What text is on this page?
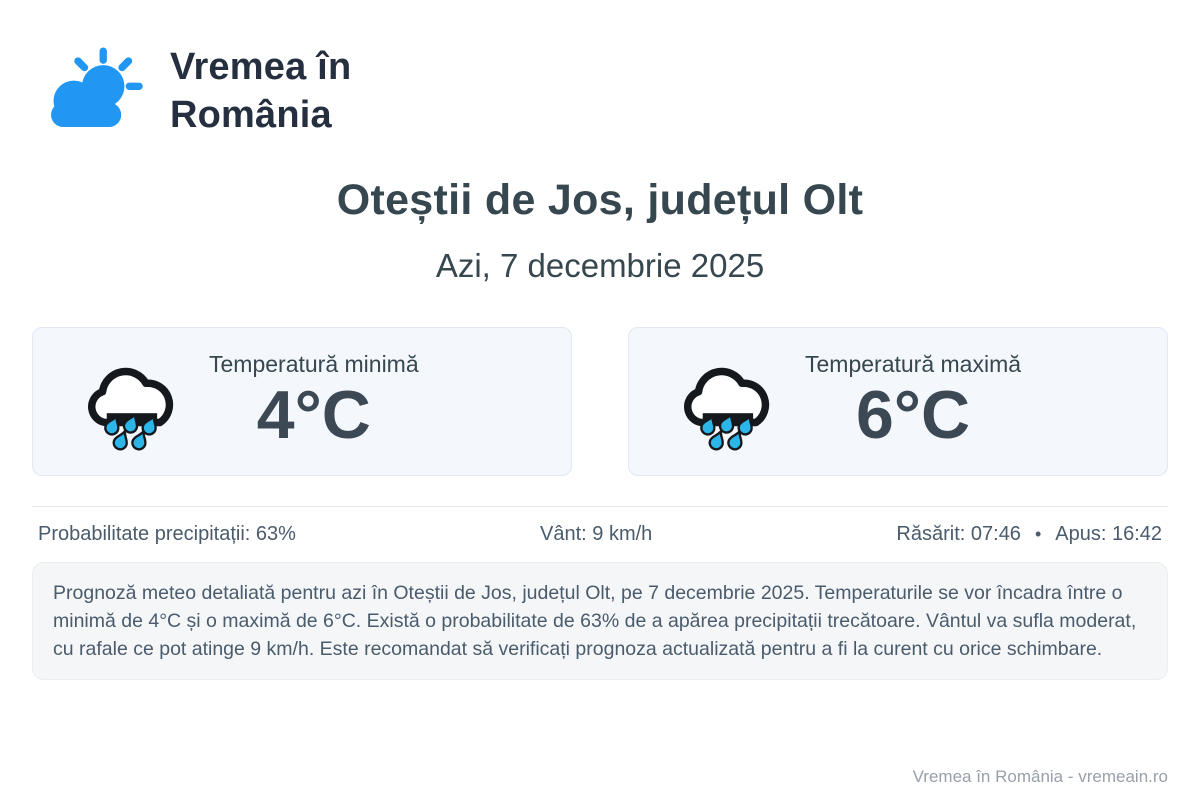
Vremea în
România
Oteștii de Jos, județul Olt
Azi, 7 decembrie 2025
Temperatură minimă
4°C
Temperatură maximă
6°C
Probabilitate precipitații: 63%	Vânt: 9 km/h	Răsărit: 07:46 • Apus: 16:42
Prognoză meteo detaliată pentru azi în Oteștii de Jos, județul Olt, pe 7 decembrie 2025. Temperaturile se vor încadra între o minimă de 4°C și o maximă de 6°C. Există o probabilitate de 63% de a apărea precipitații trecătoare. Vântul va sufla moderat, cu rafale ce pot atinge 9 km/h. Este recomandat să verificați prognoza actualizată pentru a fi la curent cu orice schimbare.
Vremea în România - vremeain.ro
